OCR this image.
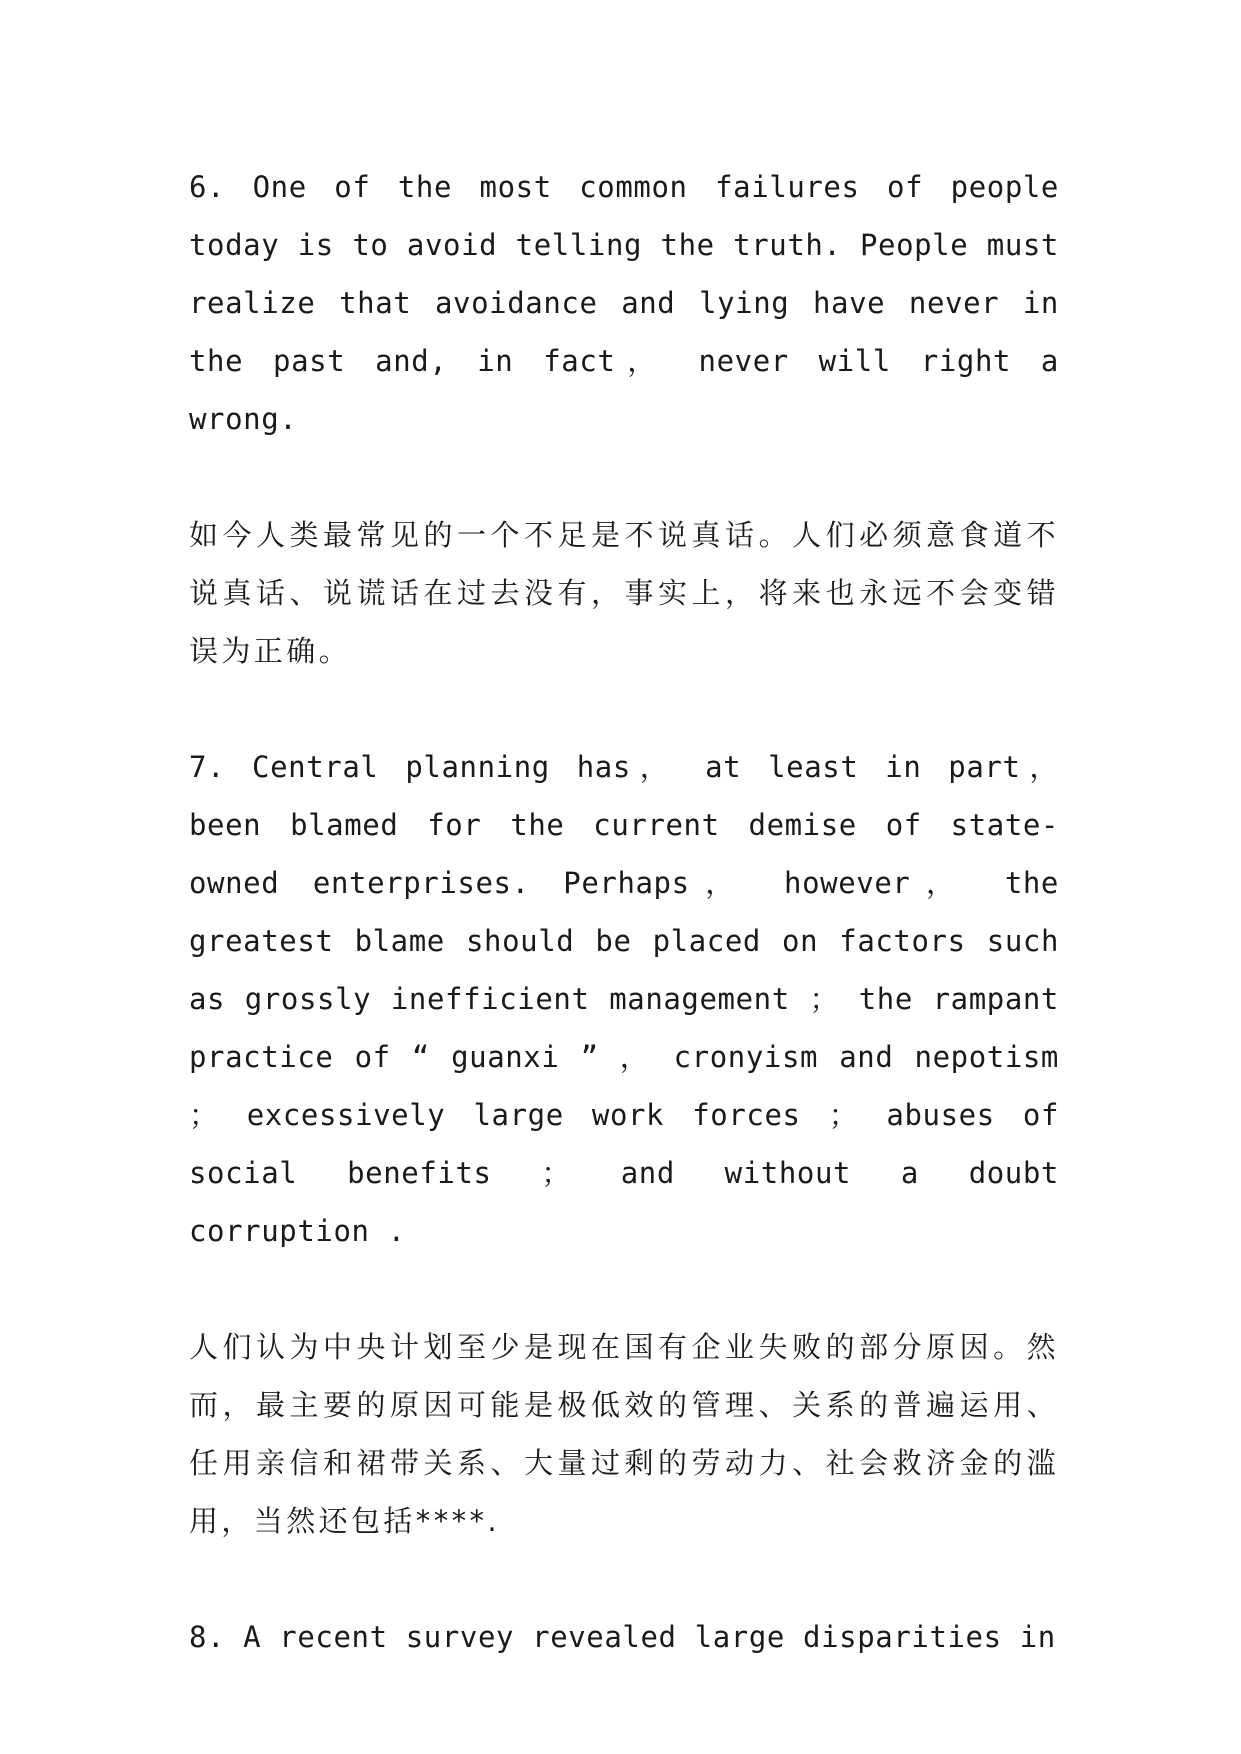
6. One of the most common failures of people today is to avoid telling the truth. People must realize that avoidance and lying have never in the past and, in fact， never will right a wrong.

如今人类最常见的一个不足是不说真话。人们必须意食道不说真话、说谎话在过去没有，事实上，将来也永远不会变错误为正确。

7. Central planning has， at least in part， been blamed for the current demise of state-owned enterprises. Perhaps， however， the greatest blame should be placed on factors such as grossly inefficient management ； the rampant practice of “ guanxi ” ， cronyism and nepotism ； excessively large work forces ； abuses of social benefits ； and without a doubt corruption .

人们认为中央计划至少是现在国有企业失败的部分原因。然而，最主要的原因可能是极低效的管理、关系的普遍运用、任用亲信和裙带关系、大量过剩的劳动力、社会救济金的滥用，当然还包括****.

8. A recent survey revealed large disparities in
